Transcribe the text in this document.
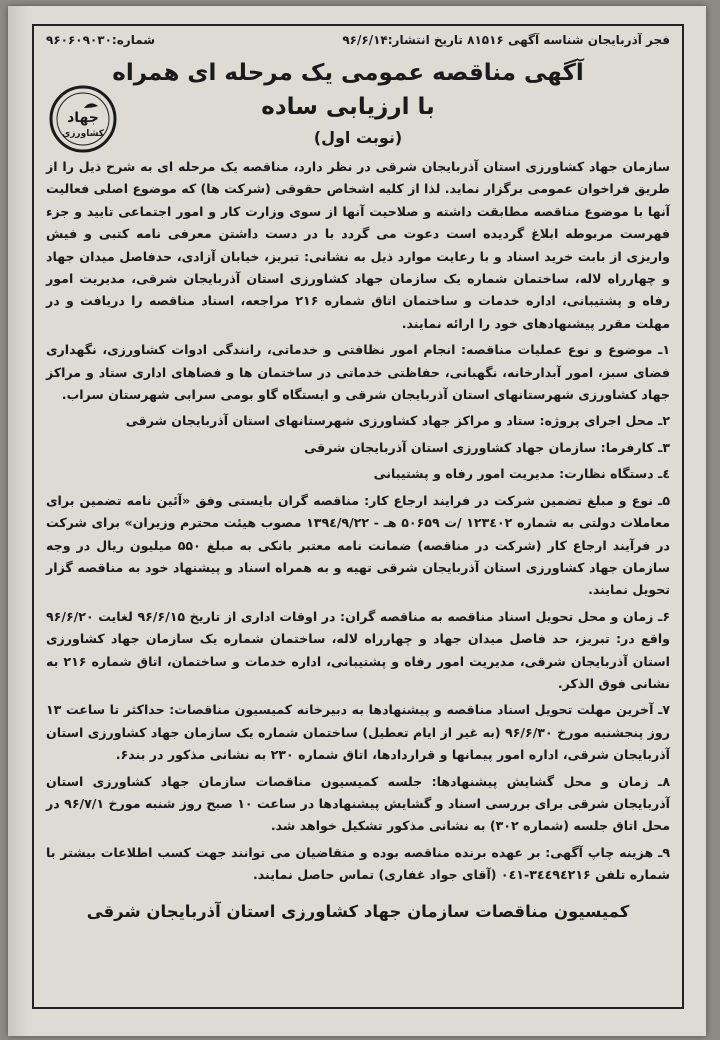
فجر آذربایجان شناسه آگهی ۸۱۵۱۶ تاریخ انتشار:۹۶/۶/۱۴
شماره:۹۶۰۶۰۹۰۳۰
جهاد
کشاورزی
آگهی مناقصه عمومی یک مرحله ای همراه با ارزیابی ساده
(نوبت اول)

سازمان جهاد کشاورزی استان آذربایجان شرقی در نظر دارد، مناقصه یک مرحله ای به شرح ذیل را از طریق فراخوان عمومی برگزار نماید. لذا از کلیه اشخاص حقوقی (شرکت ها) که موضوع اصلی فعالیت آنها با موضوع مناقصه مطابقت داشته و صلاحیت آنها از سوی وزارت کار و امور اجتماعی تایید و جزء فهرست مربوطه ابلاغ گردیده است دعوت می گردد با در دست داشتن معرفی نامه کتبی و فیش واریزی از بابت خرید اسناد و با رعایت موارد ذیل به نشانی: تبریز، خیابان آزادی، حدفاصل میدان جهاد و چهارراه لاله، ساختمان شماره یک سازمان جهاد کشاورزی استان آذربایجان شرقی، مدیریت امور رفاه و پشتیبانی، اداره خدمات و ساختمان اتاق شماره ۲۱۶ مراجعه، اسناد مناقصه را دریافت و در مهلت مقرر پیشنهادهای خود را ارائه نمایند.

۱ـ موضوع و نوع عملیات مناقصه: انجام امور نظافتی و خدماتی، رانندگی ادوات کشاورزی، نگهداری فضای سبز، امور آبدارخانه، نگهبانی، حفاظتی خدماتی در ساختمان ها و فضاهای اداری ستاد و مراکز جهاد کشاورزی شهرستانهای استان آذربایجان شرقی و ایستگاه گاو بومی سرابی شهرستان سراب.

۲ـ محل اجرای پروژه: ستاد و مراکز جهاد کشاورزی شهرستانهای استان آذربایجان شرقی

۳ـ کارفرما: سازمان جهاد کشاورزی استان آذربایجان شرقی

٤ـ دستگاه نظارت: مدیریت امور رفاه و پشتیبانی

۵ـ نوع و مبلغ تضمین شرکت در فرایند ارجاع کار: مناقصه گران بایستی وفق «آئین نامه تضمین برای معاملات دولتی به شماره ۱۲۳٤۰۲ /ت ۵۰۶۵۹ هـ - ۱۳۹٤/۹/۲۲ مصوب هیئت محترم وزیران» برای شرکت در فرآیند ارجاع کار (شرکت در مناقصه) ضمانت نامه معتبر بانکی به مبلغ ۵۵۰ میلیون ریال در وجه سازمان جهاد کشاورزی استان آذربایجان شرقی تهیه و به همراه اسناد و پیشنهاد خود به مناقصه گزار تحویل نمایند.

۶ـ زمان و محل تحویل اسناد مناقصه به مناقصه گران: در اوقات اداری از تاریخ ۹۶/۶/۱۵ لغایت ۹۶/۶/۲۰ واقع در: تبریز، حد فاصل میدان جهاد و چهارراه لاله، ساختمان شماره یک سازمان جهاد کشاورزی استان آذربایجان شرقی، مدیریت امور رفاه و پشتیبانی، اداره خدمات و ساختمان، اتاق شماره ۲۱۶ به نشانی فوق الذکر.

۷ـ آخرین مهلت تحویل اسناد مناقصه و پیشنهادها به دبیرخانه کمیسیون مناقصات: حداکثر تا ساعت ۱۳ روز پنجشنبه مورخ ۹۶/۶/۳۰ (به غیر از ایام تعطیل) ساختمان شماره یک سازمان جهاد کشاورزی استان آذربایجان شرقی، اداره امور پیمانها و قراردادها، اتاق شماره ۲۳۰ به نشانی مذکور در بند۶.

۸ـ زمان و محل گشایش پیشنهادها: جلسه کمیسیون مناقصات سازمان جهاد کشاورزی استان آذربایجان شرقی برای بررسی اسناد و گشایش پیشنهادها در ساعت ۱۰ صبح روز شنبه مورخ ۹۶/۷/۱ در محل اتاق جلسه (شماره ۳۰۲) به نشانی مذکور تشکیل خواهد شد.

۹ـ هزینه چاپ آگهی: بر عهده برنده مناقصه بوده و متقاضیان می توانند جهت کسب اطلاعات بیشتر با شماره تلفن ۳٤٤۹٤۲۱۶-۰٤۱ (آقای جواد غفاری) تماس حاصل نمایند.

کمیسیون مناقصات سازمان جهاد کشاورزی استان آذربایجان شرقی
